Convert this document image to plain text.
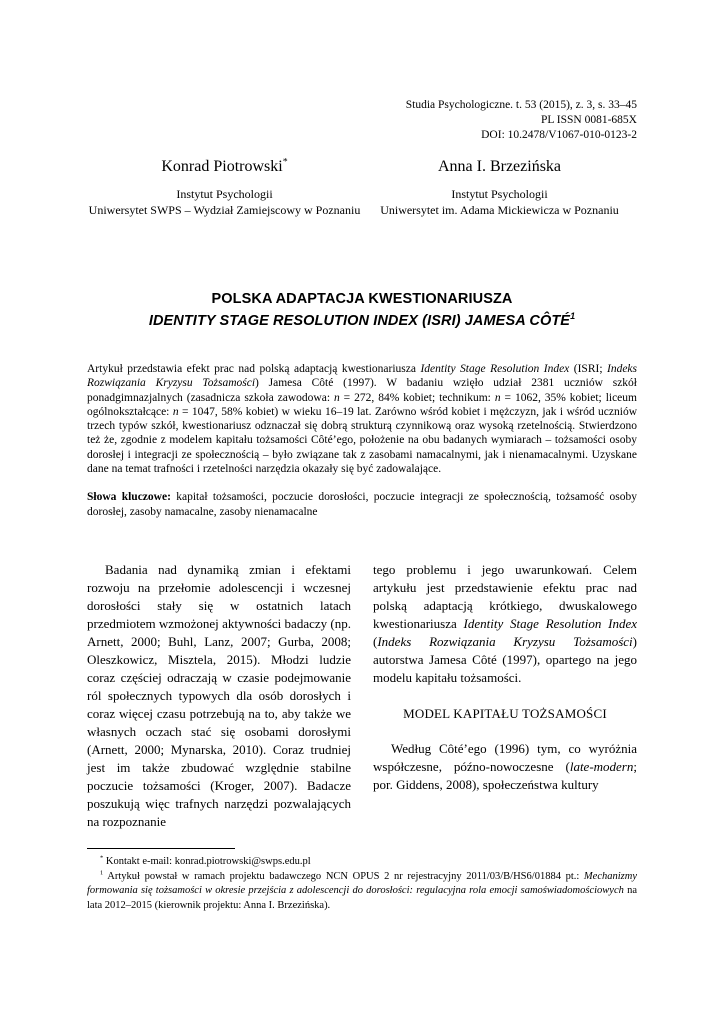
Studia Psychologiczne. t. 53 (2015), z. 3, s. 33–45
PL ISSN 0081-685X
DOI: 10.2478/V1067-010-0123-2
Konrad Piotrowski*
Instytut Psychologii
Uniwersytet SWPS – Wydział Zamiejscowy w Poznaniu
Anna I. Brzezińska
Instytut Psychologii
Uniwersytet im. Adama Mickiewicza w Poznaniu
POLSKA ADAPTACJA KWESTIONARIUSZA
IDENTITY STAGE RESOLUTION INDEX (ISRI) JAMESA CÔTÉ$^1$

Artykuł przedstawia efekt prac nad polską adaptacją kwestionariusza Identity Stage Resolution Index (ISRI; Indeks Rozwiązania Kryzysu Tożsamości) Jamesa Côté (1997). W badaniu wzięło udział 2381 uczniów szkół ponadgimnazjalnych (zasadnicza szkoła zawodowa: n = 272, 84% kobiet; technikum: n = 1062, 35% kobiet; liceum ogólnokształcące: n = 1047, 58% kobiet) w wieku 16–19 lat. Zarówno wśród kobiet i mężczyzn, jak i wśród uczniów trzech typów szkół, kwestionariusz odznaczał się dobrą strukturą czynnikową oraz wysoką rzetelnością. Stwierdzono też że, zgodnie z modelem kapitału tożsamości Côté’ego, położenie na obu badanych wymiarach – tożsamości osoby dorosłej i integracji ze społecznością – było związane tak z zasobami namacalnymi, jak i nienamacalnymi. Uzyskane dane na temat trafności i rzetelności narzędzia okazały się być zadowalające.

Słowa kluczowe: kapitał tożsamości, poczucie dorosłości, poczucie integracji ze społecznością, tożsamość osoby dorosłej, zasoby namacalne, zasoby nienamacalne

Badania nad dynamiką zmian i efektami rozwoju na przełomie adolescencji i wczesnej dorosłości stały się w ostatnich latach przedmiotem wzmożonej aktywności badaczy (np. Arnett, 2000; Buhl, Lanz, 2007; Gurba, 2008; Oleszkowicz, Misztela, 2015). Młodzi ludzie coraz częściej odraczają w czasie podejmowanie ról społecznych typowych dla osób dorosłych i coraz więcej czasu potrzebują na to, aby także we własnych oczach stać się osobami dorosłymi (Arnett, 2000; Mynarska, 2010). Coraz trudniej jest im także zbudować względnie stabilne poczucie tożsamości (Kroger, 2007). Badacze poszukują więc trafnych narzędzi pozwalających na rozpoznanie

tego problemu i jego uwarunkowań. Celem artykułu jest przedstawienie efektu prac nad polską adaptacją krótkiego, dwuskalowego kwestionariusza Identity Stage Resolution Index (Indeks Rozwiązania Kryzysu Tożsamości) autorstwa Jamesa Côté (1997), opartego na jego modelu kapitału tożsamości.

MODEL KAPITAŁU TOŻSAMOŚCI

Według Côté’ego (1996) tym, co wyróżnia współczesne, późno-nowoczesne (late-modern; por. Giddens, 2008), społeczeństwa kultury

* Kontakt e-mail: konrad.piotrowski@swps.edu.pl

$^1$ Artykuł powstał w ramach projektu badawczego NCN OPUS 2 nr rejestracyjny 2011/03/B/HS6/01884 pt.: Mechanizmy formowania się tożsamości w okresie przejścia z adolescencji do dorosłości: regulacyjna rola emocji samoświadomościowych na lata 2012–2015 (kierownik projektu: Anna I. Brzezińska).
